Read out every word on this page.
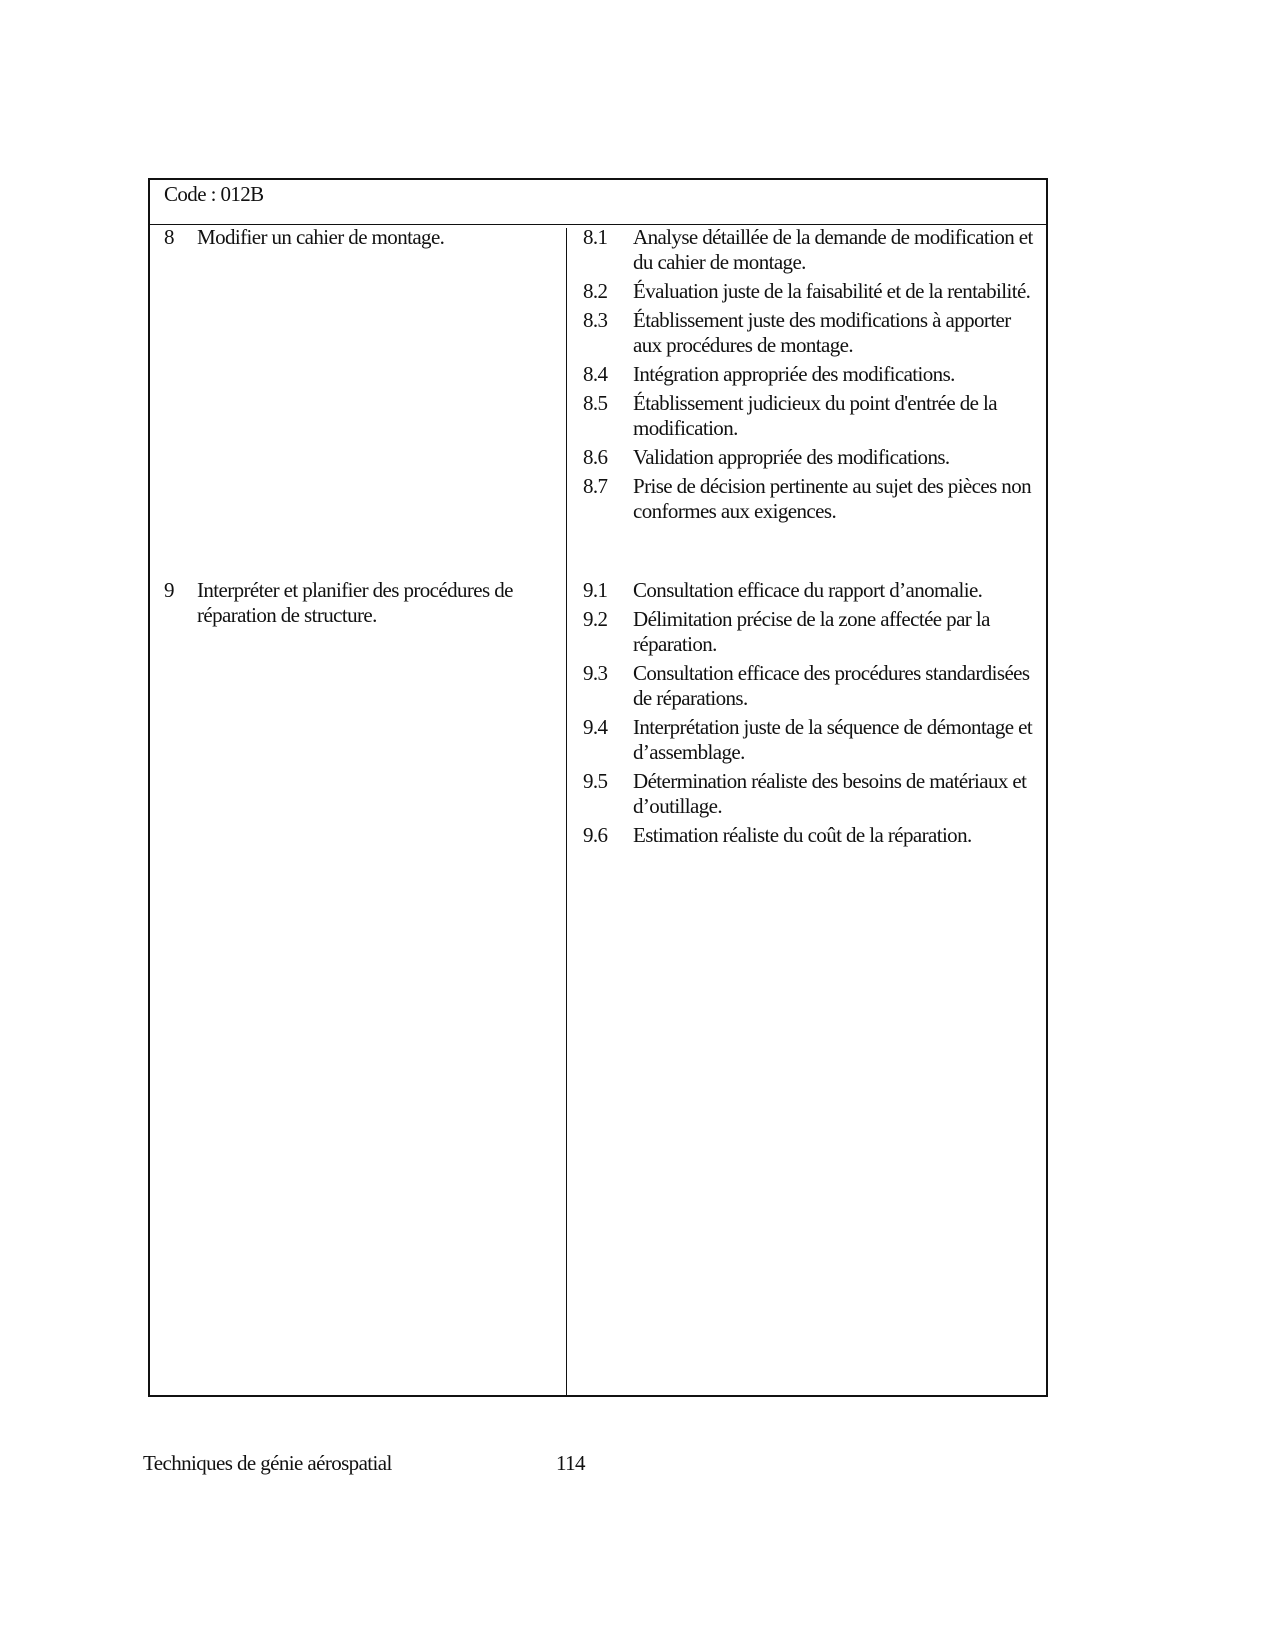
Code : 012B
8	Modifier un cahier de montage.	8.1	Analyse détaillée de la demande de modification et du cahier de montage.
8.2	Évaluation juste de la faisabilité et de la rentabilité.
8.3	Établissement juste des modifications à apporter aux procédures de montage.
8.4	Intégration appropriée des modifications.
8.5	Établissement judicieux du point d'entrée de la modification.
8.6	Validation appropriée des modifications.
8.7	Prise de décision pertinente au sujet des pièces non conformes aux exigences.
9	Interpréter et planifier des procédures de réparation de structure.
9.1	Consultation efficace du rapport d’anomalie.
9.2	Délimitation précise de la zone affectée par la réparation.
9.3	Consultation efficace des procédures standardisées de réparations.
9.4	Interprétation juste de la séquence de démontage et d’assemblage.
9.5	Détermination réaliste des besoins de matériaux et d’outillage.
9.6	Estimation réaliste du coût de la réparation.
Techniques de génie aérospatial	114
